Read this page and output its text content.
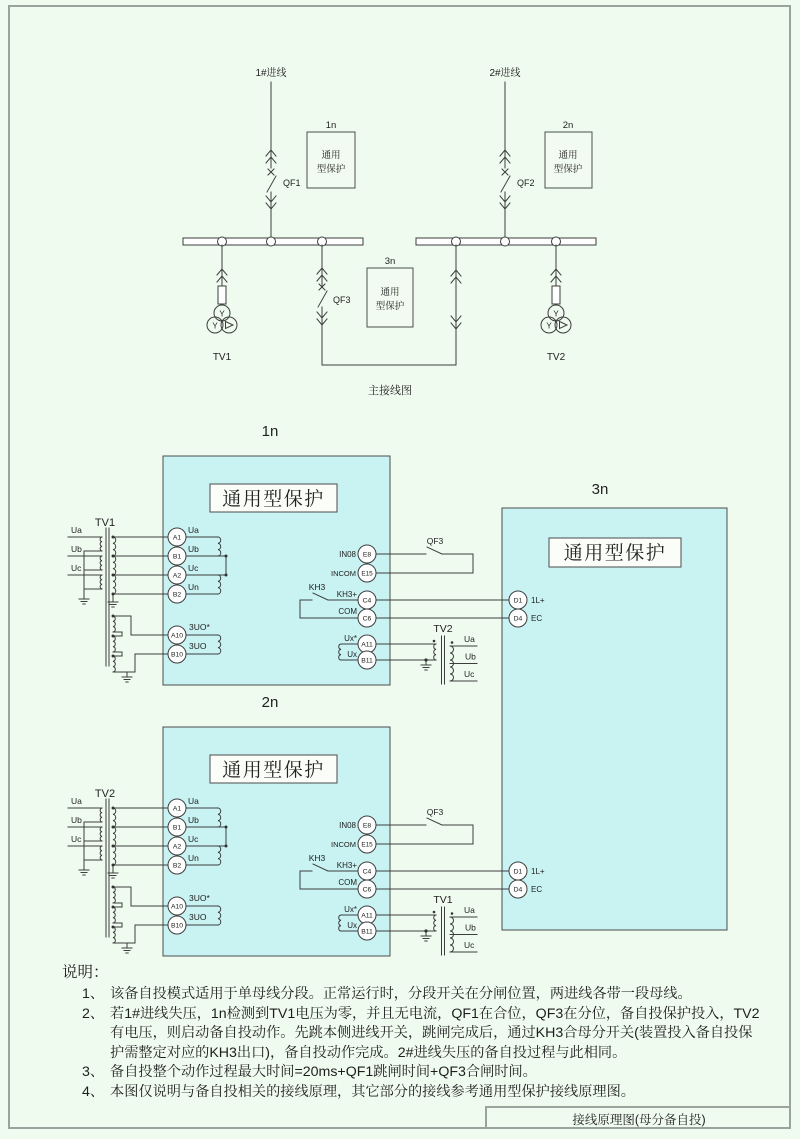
1#进线
QF1
2#进线
QF2
1n
通用
型保护
2n
通用
型保护
3n
通用
型保护
TV1
QF3
TV2
主接线图
3n
通用型保护
1n
通用型保护
TV1
Ua
Ub
Uc
A1
B1
A2
B2
A10
B10
Ua
Ub
Uc
Un
3UO*
3UO
IN08 E8
INCOM E15
KH3+
C4
COM
C6
Ux*
A11
Ux
B11
KH3
QF3
D1 1L+
D4 EC
TV2
Ua
Ub
Uc
2n
通用型保护
TV2
Ua
Ub
Uc
A1
B1
A2
B2
A10
B10
Ua
Ub
Uc
Un
3UO*
3UO
IN08 E8
INCOM E15
KH3+
C4
COM
C6
Ux*
A11
Ux
B11
KH3
QF3
D1 1L+
D4 EC
TV1
Ua
Ub
Uc
说明：
1、 该备自投模式适用于单母线分段。正常运行时，分段开关在分闸位置，两进线各带一段母线。
2、 若1#进线失压，1n检测到TV1电压为零，并且无电流，QF1在合位，QF3在分位，备自投保护投入，TV2有电压，则启动备自投动作。先跳本侧进线开关，跳闸完成后，通过KH3合母分开关(装置投入备自投保护需整定对应的KH3出口)，备自投动作完成。2#进线失压的备自投过程与此相同。
3、 备自投整个动作过程最大时间=20ms+QF1跳闸时间+QF3合闸时间。
4、 本图仅说明与备自投相关的接线原理，其它部分的接线参考通用型保护接线原理图。
接线原理图(母分备自投)
